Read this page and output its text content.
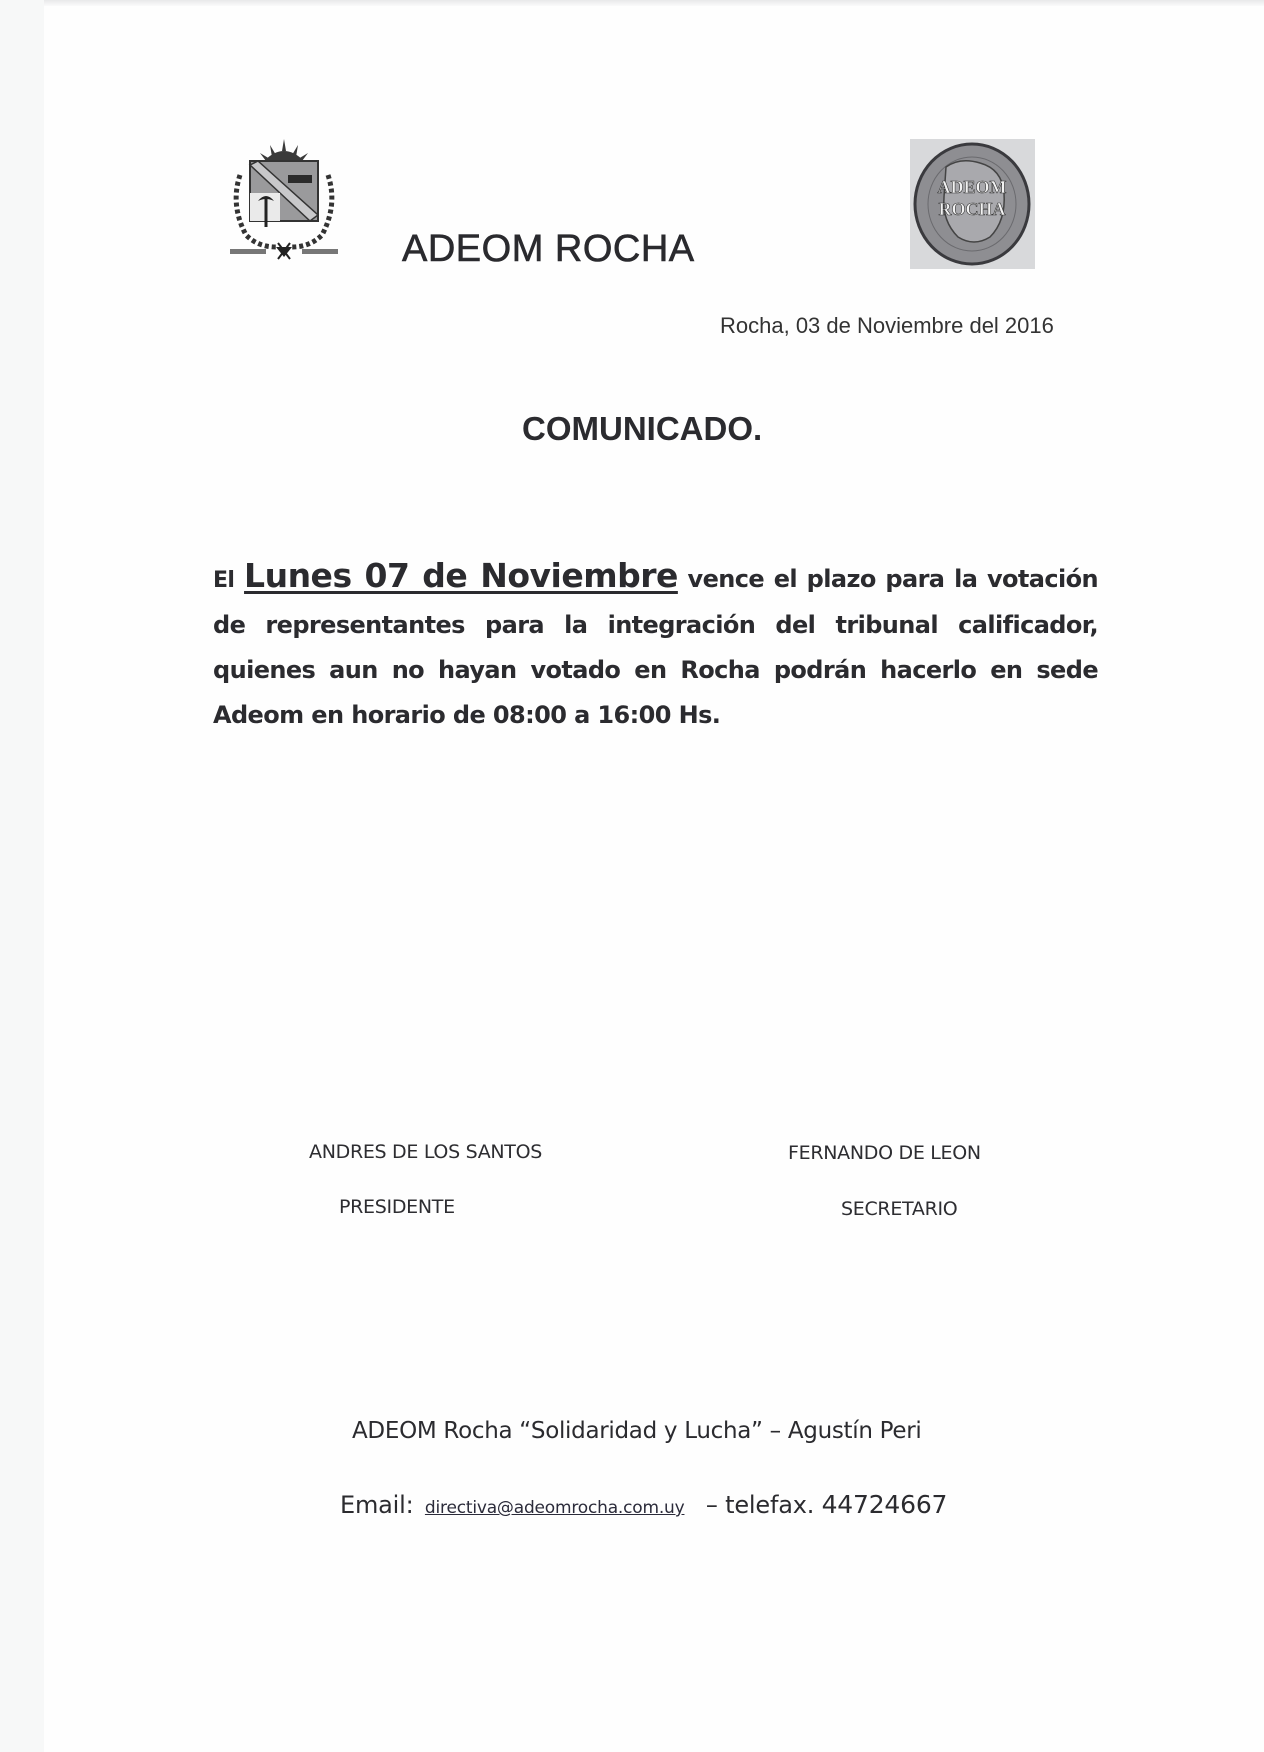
ADEOM
ROCHA
ADEOM ROCHA
Rocha, 03 de Noviembre del 2016
COMUNICADO.
El Lunes 07 de Noviembre vence el plazo para la votación de representantes para la integración del tribunal calificador, quienes aun no hayan votado en Rocha podrán hacerlo en sede Adeom en horario de 08:00 a 16:00 Hs.
ANDRES DE LOS SANTOS
PRESIDENTE
FERNANDO DE LEON
SECRETARIO
ADEOM Rocha “Solidaridad y Lucha” – Agustín Peri
Email: directiva@adeomrocha.com.uy – telefax. 44724667
